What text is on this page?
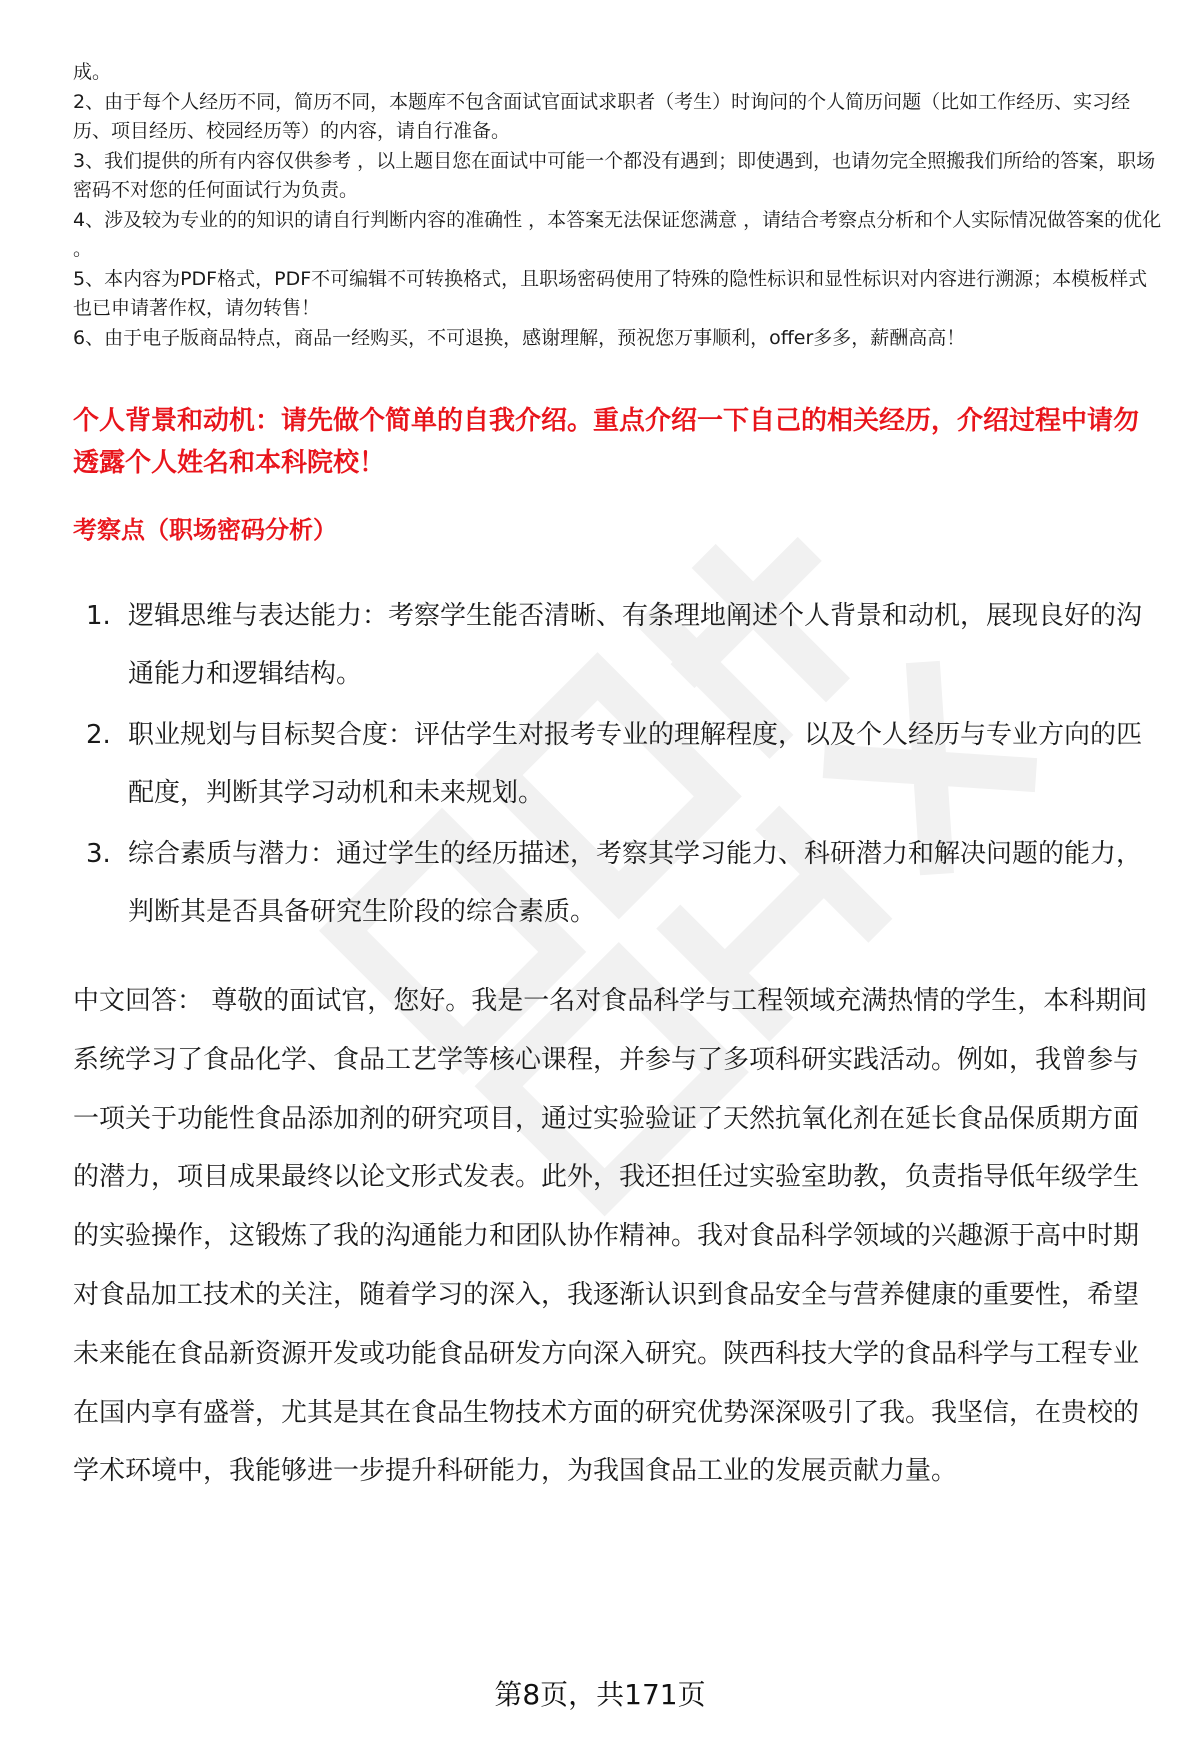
成。

2、由于每个人经历不同，简历不同，本题库不包含面试官面试求职者（考生）时询问的个人简历问题（比如工作经历、实习经历、项目经历、校园经历等）的内容，请自行准备。

3、我们提供的所有内容仅供参考 ，以上题目您在面试中可能一个都没有遇到；即使遇到，也请勿完全照搬我们所给的答案，职场密码不对您的任何面试行为负责。

4、涉及较为专业的的知识的请自行判断内容的准确性 ，本答案无法保证您满意 ，请结合考察点分析和个人实际情况做答案的优化 。

5、本内容为PDF格式，PDF不可编辑不可转换格式，且职场密码使用了特殊的隐性标识和显性标识对内容进行溯源；本模板样式也已申请著作权，请勿转售！

6、由于电子版商品特点，商品一经购买，不可退换，感谢理解，预祝您万事顺利，offer多多，薪酬高高！

个人背景和动机：请先做个简单的自我介绍。重点介绍一下自己的相关经历，介绍过程中请勿透露个人姓名和本科院校！
考察点（职场密码分析）
1. 逻辑思维与表达能力：考察学生能否清晰、有条理地阐述个人背景和动机，展现良好的沟通能力和逻辑结构。
2. 职业规划与目标契合度：评估学生对报考专业的理解程度，以及个人经历与专业方向的匹配度，判断其学习动机和未来规划。
3. 综合素质与潜力：通过学生的经历描述，考察其学习能力、科研潜力和解决问题的能力，判断其是否具备研究生阶段的综合素质。

中文回答： 尊敬的面试官，您好。我是一名对食品科学与工程领域充满热情的学生，本科期间系统学习了食品化学、食品工艺学等核心课程，并参与了多项科研实践活动。例如，我曾参与一项关于功能性食品添加剂的研究项目，通过实验验证了天然抗氧化剂在延长食品保质期方面的潜力，项目成果最终以论文形式发表。此外，我还担任过实验室助教，负责指导低年级学生的实验操作，这锻炼了我的沟通能力和团队协作精神。我对食品科学领域的兴趣源于高中时期对食品加工技术的关注，随着学习的深入，我逐渐认识到食品安全与营养健康的重要性，希望未来能在食品新资源开发或功能食品研发方向深入研究。陕西科技大学的食品科学与工程专业在国内享有盛誉，尤其是其在食品生物技术方面的研究优势深深吸引了我。我坚信，在贵校的学术环境中，我能够进一步提升科研能力，为我国食品工业的发展贡献力量。

第8页，共171页
